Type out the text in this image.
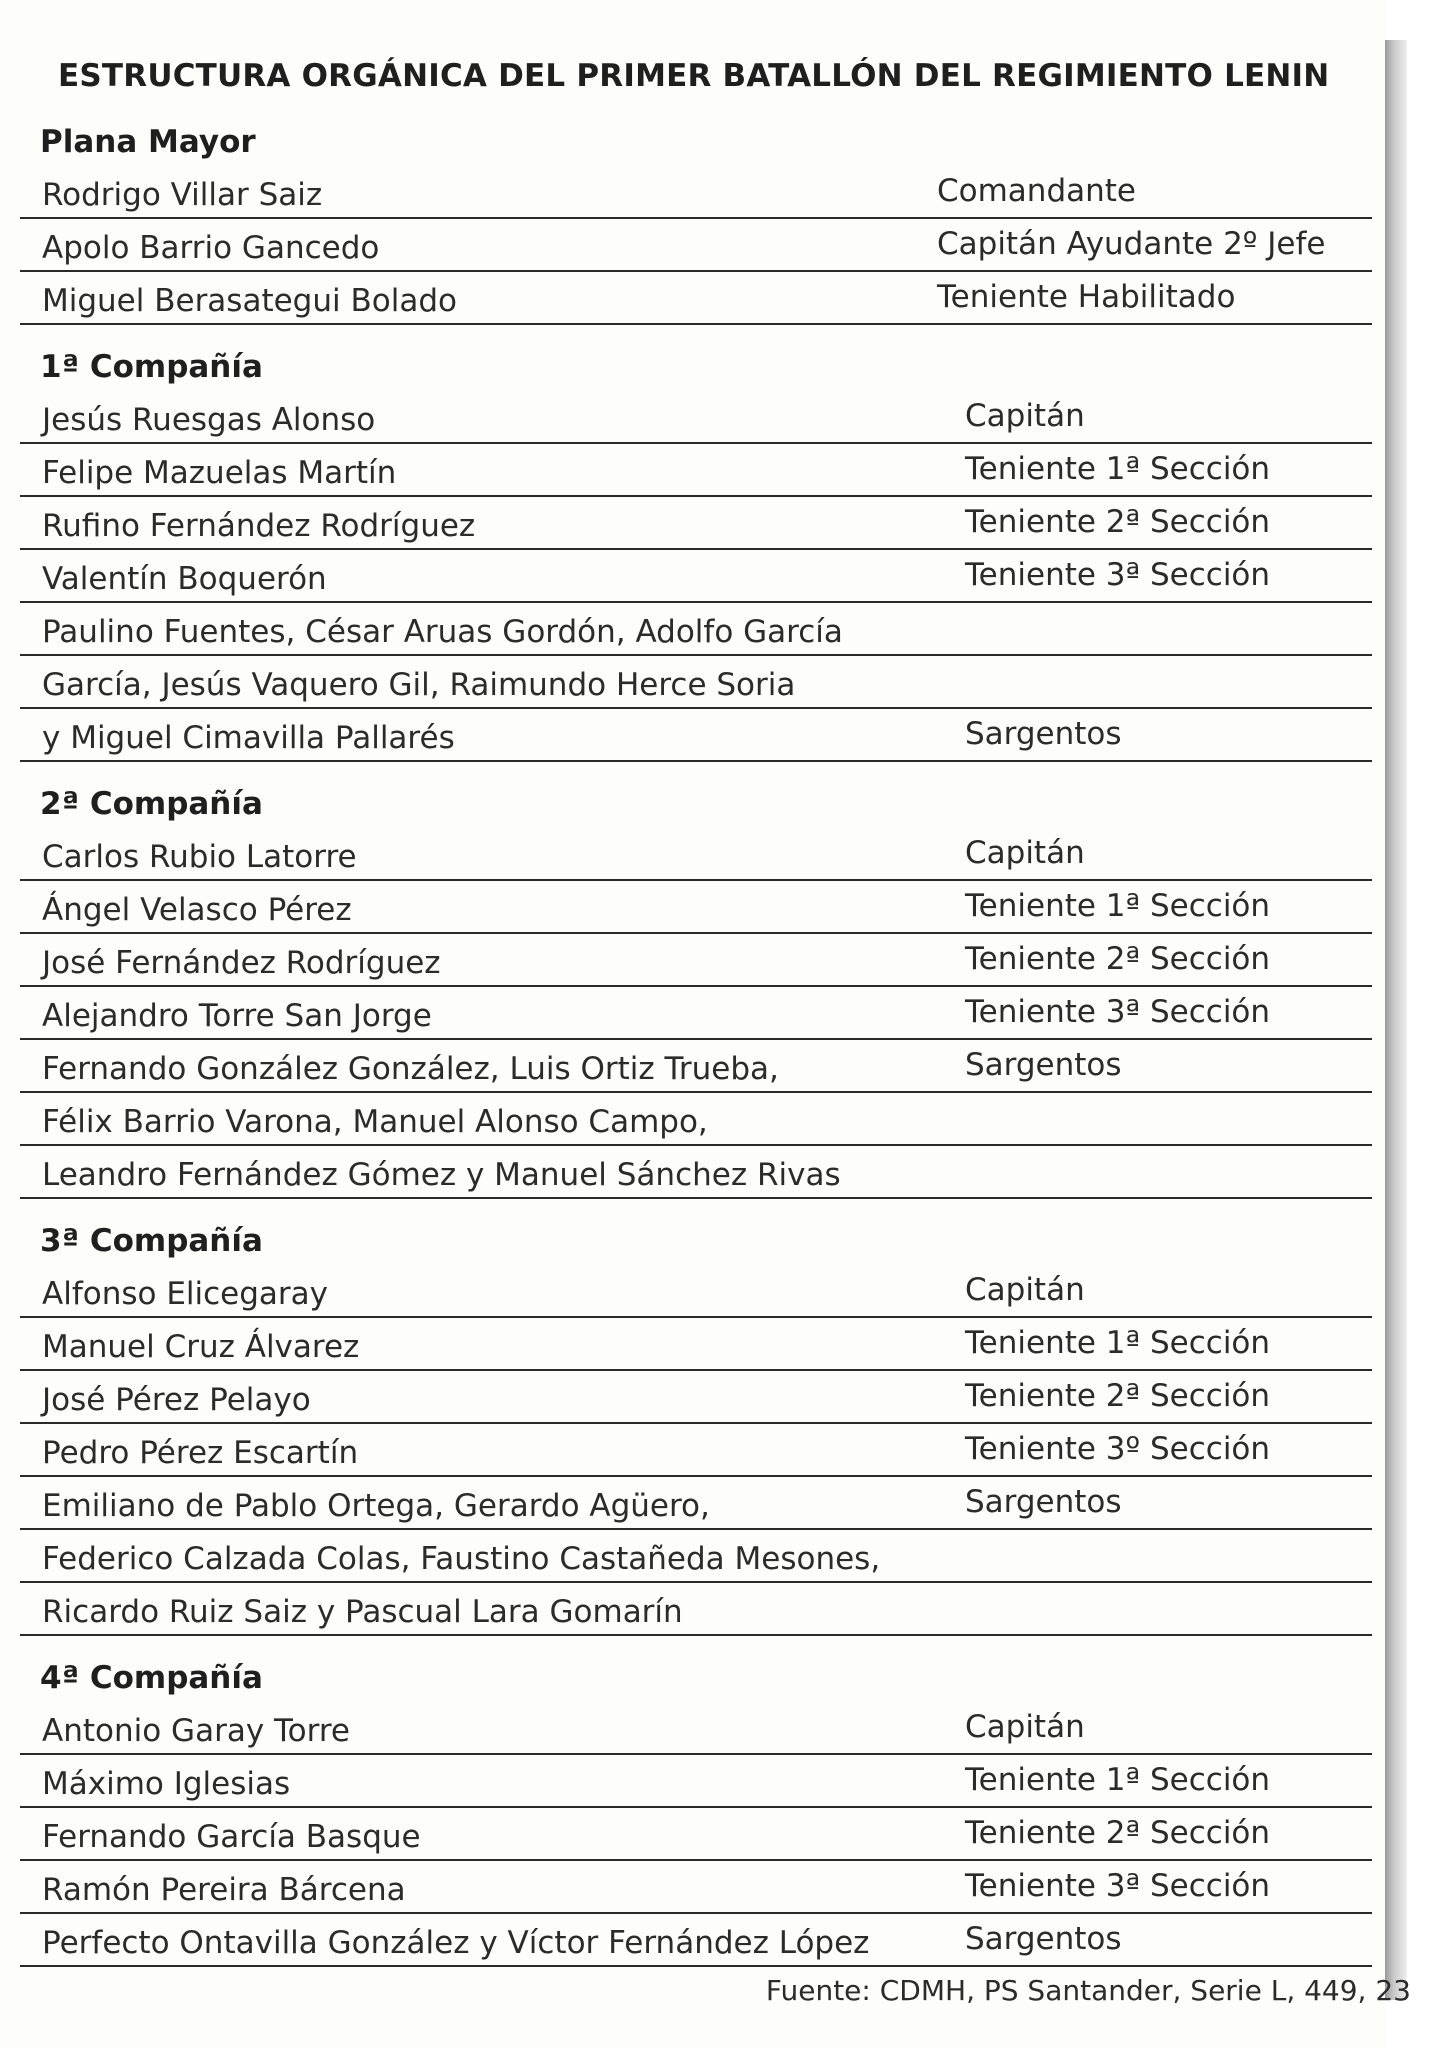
ESTRUCTURA ORGÁNICA DEL PRIMER BATALLÓN DEL REGIMIENTO LENIN
Plana Mayor
Rodrigo Villar Saiz	Comandante
Apolo Barrio Gancedo	Capitán Ayudante 2º Jefe
Miguel Berasategui Bolado	Teniente Habilitado
1ª Compañía
Jesús Ruesgas Alonso	Capitán
Felipe Mazuelas Martín	Teniente 1ª Sección
Rufino Fernández Rodríguez	Teniente 2ª Sección
Valentín Boquerón	Teniente 3ª Sección
Paulino Fuentes, César Aruas Gordón, Adolfo García
García, Jesús Vaquero Gil, Raimundo Herce Soria
y Miguel Cimavilla Pallarés	Sargentos
2ª Compañía
Carlos Rubio Latorre	Capitán
Ángel Velasco Pérez	Teniente 1ª Sección
José Fernández Rodríguez	Teniente 2ª Sección
Alejandro Torre San Jorge	Teniente 3ª Sección
Fernando González González, Luis Ortiz Trueba,	Sargentos
Félix Barrio Varona, Manuel Alonso Campo,
Leandro Fernández Gómez y Manuel Sánchez Rivas
3ª Compañía
Alfonso Elicegaray	Capitán
Manuel Cruz Álvarez	Teniente 1ª Sección
José Pérez Pelayo	Teniente 2ª Sección
Pedro Pérez Escartín	Teniente 3º Sección
Emiliano de Pablo Ortega, Gerardo Agüero,	Sargentos
Federico Calzada Colas, Faustino Castañeda Mesones,
Ricardo Ruiz Saiz y Pascual Lara Gomarín
4ª Compañía
Antonio Garay Torre	Capitán
Máximo Iglesias	Teniente 1ª Sección
Fernando García Basque	Teniente 2ª Sección
Ramón Pereira Bárcena	Teniente 3ª Sección
Perfecto Ontavilla González y Víctor Fernández López	Sargentos
Fuente: CDMH, PS Santander, Serie L, 449, 23
